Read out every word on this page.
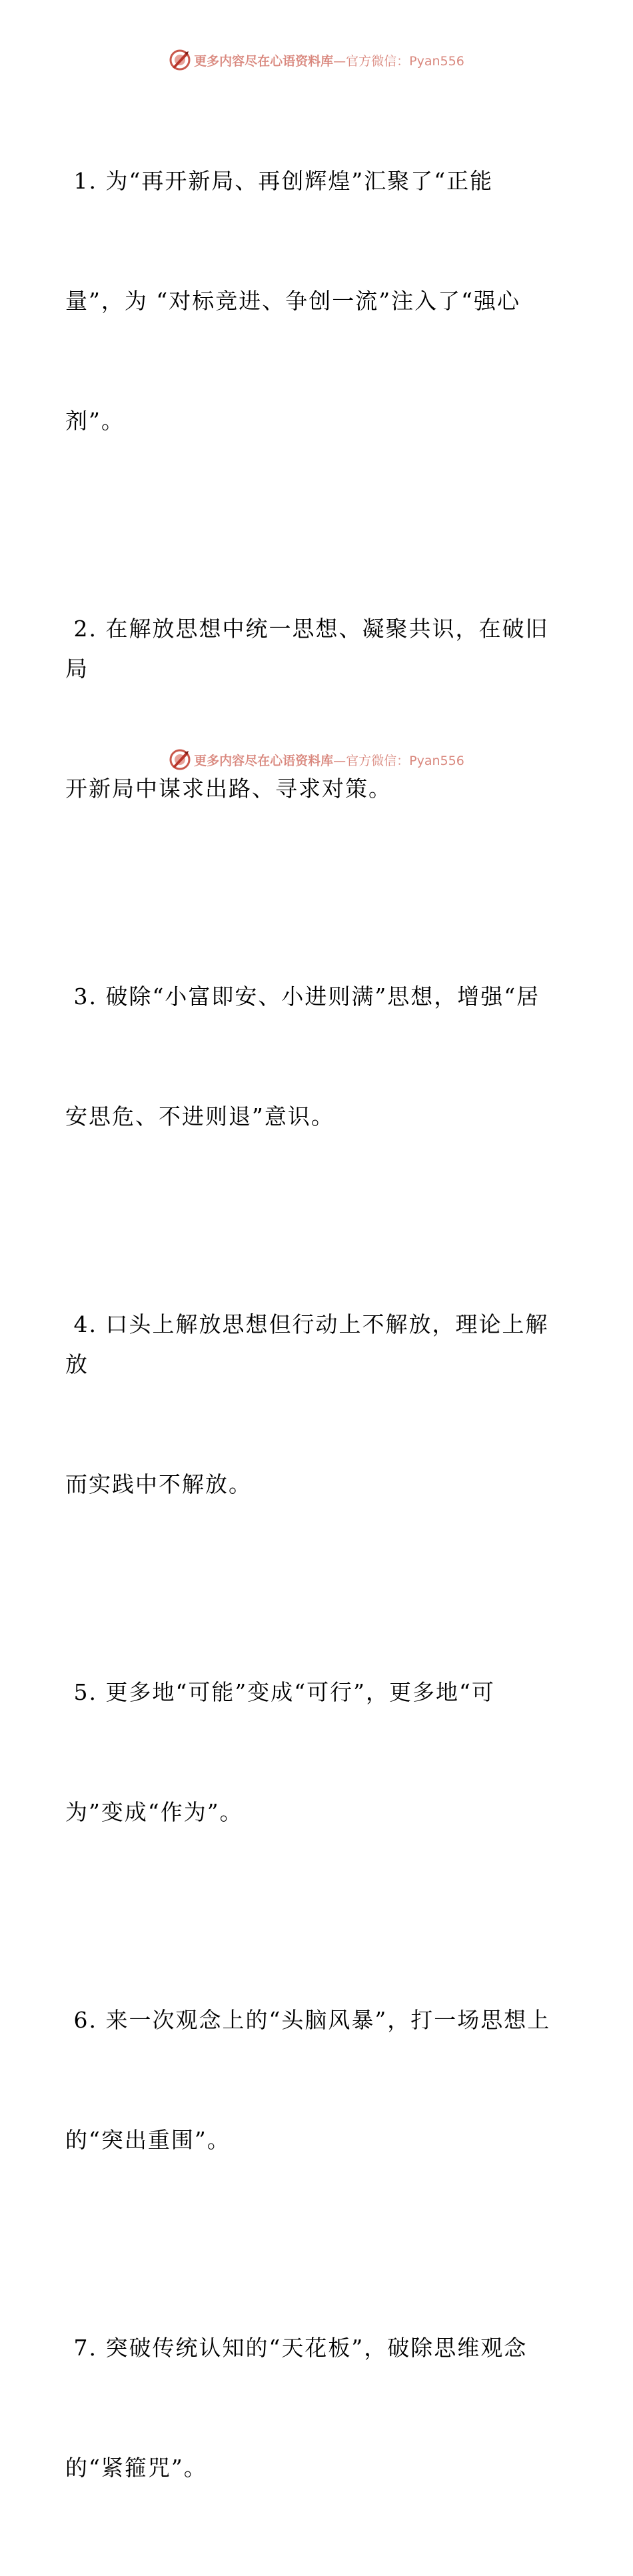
更多内容尽在心语资料库 —官方微信：Pyan556

1. 为“再开新局、再创辉煌”汇聚了“正能

量”，为 “对标竞进、争创一流”注入了“强心

剂”。

2. 在解放思想中统一思想、凝聚共识，在破旧局

开新局中谋求出路、寻求对策。

3. 破除“小富即安、小进则满”思想，增强“居

安思危、不进则退”意识。

4. 口头上解放思想但行动上不解放，理论上解放

而实践中不解放。

5. 更多地“可能”变成“可行”，更多地“可

为”变成“作为”。

6. 来一次观念上的“头脑风暴”，打一场思想上

的“突出重围”。

7. 突破传统认知的“天花板”，破除思维观念

的“紧箍咒”。

更多内容尽在心语资料库 —官方微信：Pyan556
